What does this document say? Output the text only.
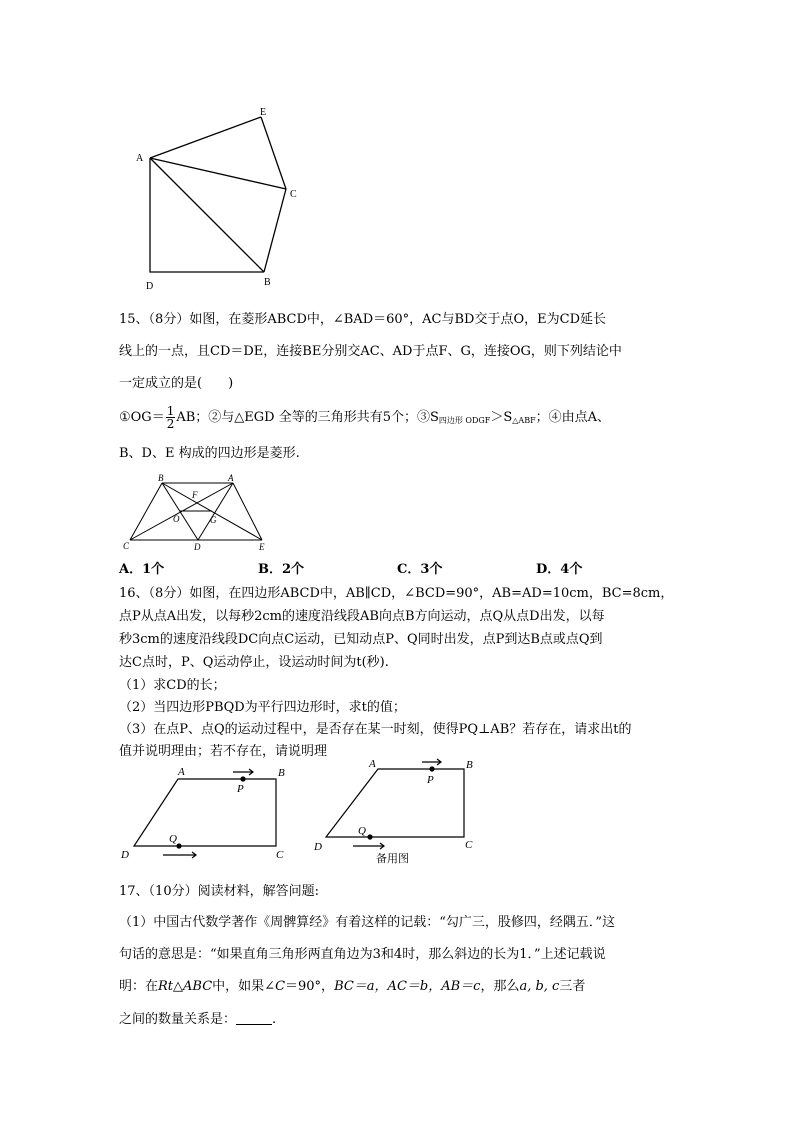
A
E
C
B
D
15、（8分）如图，在菱形ABCD中，∠BAD＝60°，AC与BD交于点O，E为CD延长
线上的一点，且CD＝DE，连接BE分别交AC、AD于点F、G，连接OG，则下列结论中
一定成立的是(　　)
①OG＝ $\frac{1}{2}$ AB；②与△EGD 全等的三角形共有5个；$③S_{四边形 ODGF}>S_{\triangle ABF}$；④由点A、
B、D、E 构成的四边形是菱形.
B	A
F
O	G
C	D	E
A．1个	B．2个	C．3个	D．4个
16、（8分）如图，在四边形ABCD中，AB∥CD，∠BCD=90°，AB=AD=10cm，BC=8cm，
点P从点A出发，以每秒2cm的速度沿线段AB向点B方向运动，点Q从点D出发，以每
秒3cm的速度沿线段DC向点C运动，已知动点P、Q同时出发，点P到达B点或点Q到
达C点时，P、Q运动停止，设运动时间为t(秒).
（1）求CD的长；
（2）当四边形PBQD为平行四边形时，求t的值；
（3）在点P、点Q的运动过程中，是否存在某一时刻，使得PQ⊥AB？若存在，请求出t的
值并说明理由；若不存在，请说明理
A	B
P
Q
D	C
A	B
P
Q
D	C
备用图
17、（10分）阅读材料，解答问题:
（1）中国古代数学著作《周髀算经》有着这样的记载：“勾广三，股修四，经隅五．”这
句话的意思是：“如果直角三角形两直角边为3和4时，那么斜边的长为1．”上述记载说
明：在Rt△ABC中，如果∠C＝90°，BC＝a，AC＝b，AB＝c，那么a, b, c三者
之间的数量关系是：	.
